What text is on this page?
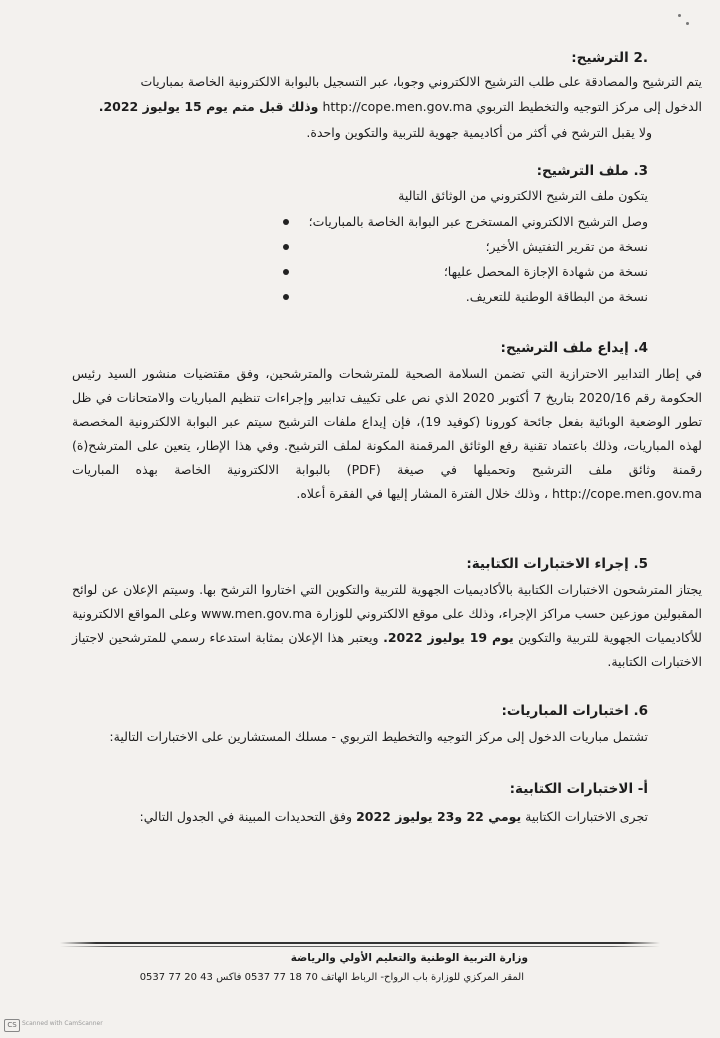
.2 الترشيح:
يتم الترشيح والمصادقة على طلب الترشيح الالكتروني وجوبا، عبر التسجيل بالبوابة الالكترونية الخاصة بمباريات
الدخول إلى مركز التوجيه والتخطيط التربوي http://cope.men.gov.ma وذلك قبل متم يوم 15 يوليوز 2022.
ولا يقبل الترشح في أكثر من أكاديمية جهوية للتربية والتكوين واحدة.
3. ملف الترشيح:
يتكون ملف الترشيح الالكتروني من الوثائق التالية
وصل الترشيح الالكتروني المستخرج عبر البوابة الخاصة بالمباريات؛
نسخة من تقرير التفتيش الأخير؛
نسخة من شهادة الإجازة المحصل عليها؛
نسخة من البطاقة الوطنية للتعريف.
4. إيداع ملف الترشيح:
في إطار التدابير الاحترازية التي تضمن السلامة الصحية للمترشحات والمترشحين، وفق مقتضيات منشور السيد رئيس الحكومة رقم 2020/16 بتاريخ 7 أكتوبر 2020 الذي نص على تكييف تدابير وإجراءات تنظيم المباريات والامتحانات في ظل تطور الوضعية الوبائية بفعل جائحة كورونا (كوفيد 19)، فإن إيداع ملفات الترشيح سيتم عبر البوابة الالكترونية المخصصة لهذه المباريات، وذلك باعتماد تقنية رفع الوثائق المرقمنة المكونة لملف الترشيح. وفي هذا الإطار، يتعين على المترشح(ة) رقمنة وثائق ملف الترشيح وتحميلها في صيغة (PDF) بالبوابة الالكترونية الخاصة بهذه المباريات http://cope.men.gov.ma ، وذلك خلال الفترة المشار إليها في الفقرة أعلاه.
5. إجراء الاختبارات الكتابية:
يجتاز المترشحون الاختبارات الكتابية بالأكاديميات الجهوية للتربية والتكوين التي اختاروا الترشح بها. وسيتم الإعلان عن لوائح المقبولين موزعين حسب مراكز الإجراء، وذلك على موقع الالكتروني للوزارة www.men.gov.ma وعلى المواقع الالكترونية للأكاديميات الجهوية للتربية والتكوين يوم 19 يوليوز 2022. ويعتبر هذا الإعلان بمثابة استدعاء رسمي للمترشحين لاجتياز الاختبارات الكتابية.
6. اختبارات المباريات:
تشتمل مباريات الدخول إلى مركز التوجيه والتخطيط التربوي - مسلك المستشارين على الاختبارات التالية:
أ- الاختبارات الكتابية:
تجرى الاختبارات الكتابية يومي 22 و23 يوليوز 2022 وفق التحديدات المبينة في الجدول التالي:
وزارة التربية الوطنية والتعليم الأولي والرياضة
المقر المركزي للوزارة باب الرواح- الرباط الهاتف 70 18 77 0537 فاكس 43 20 77 0537
CS Scanned with CamScanner
